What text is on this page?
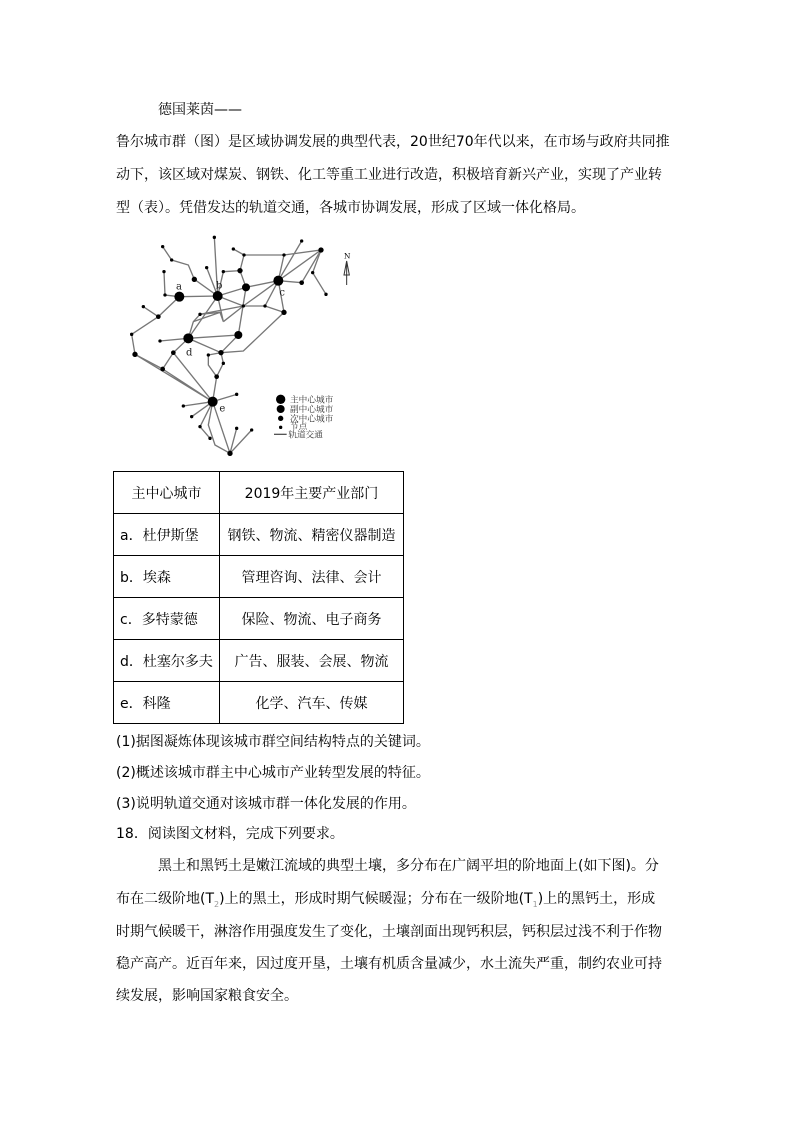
德国莱茵——
鲁尔城市群（图）是区域协调发展的典型代表，20世纪70年代以来，在市场与政府共同推
动下，该区域对煤炭、钢铁、化工等重工业进行改造，积极培育新兴产业，实现了产业转
型（表）。凭借发达的轨道交通，各城市协调发展，形成了区域一体化格局。
a b
c
d
e
N
主中心城市
副中心城市
次中心城市
节点
轨道交通
主中心城市	2019年主要产业部门
a．杜伊斯堡	钢铁、物流、精密仪器制造
b．埃森	管理咨询、法律、会计
c．多特蒙德	保险、物流、电子商务
d．杜塞尔多夫	广告、服装、会展、物流
e．科隆	化学、汽车、传媒
(1)据图凝炼体现该城市群空间结构特点的关键词。
(2)概述该城市群主中心城市产业转型发展的特征。
(3)说明轨道交通对该城市群一体化发展的作用。
18．阅读图文材料，完成下列要求。
黑土和黑钙土是嫩江流域的典型土壤，多分布在广阔平坦的阶地面上(如下图)。分
布在二级阶地$(T_2)$上的黑土，形成时期气候暖湿；分布在一级阶地$(T_1)$上的黑钙土，形成
时期气候暖干，淋溶作用强度发生了变化，土壤剖面出现钙积层，钙积层过浅不利于作物
稳产高产。近百年来，因过度开垦，土壤有机质含量减少，水土流失严重，制约农业可持
续发展，影响国家粮食安全。
